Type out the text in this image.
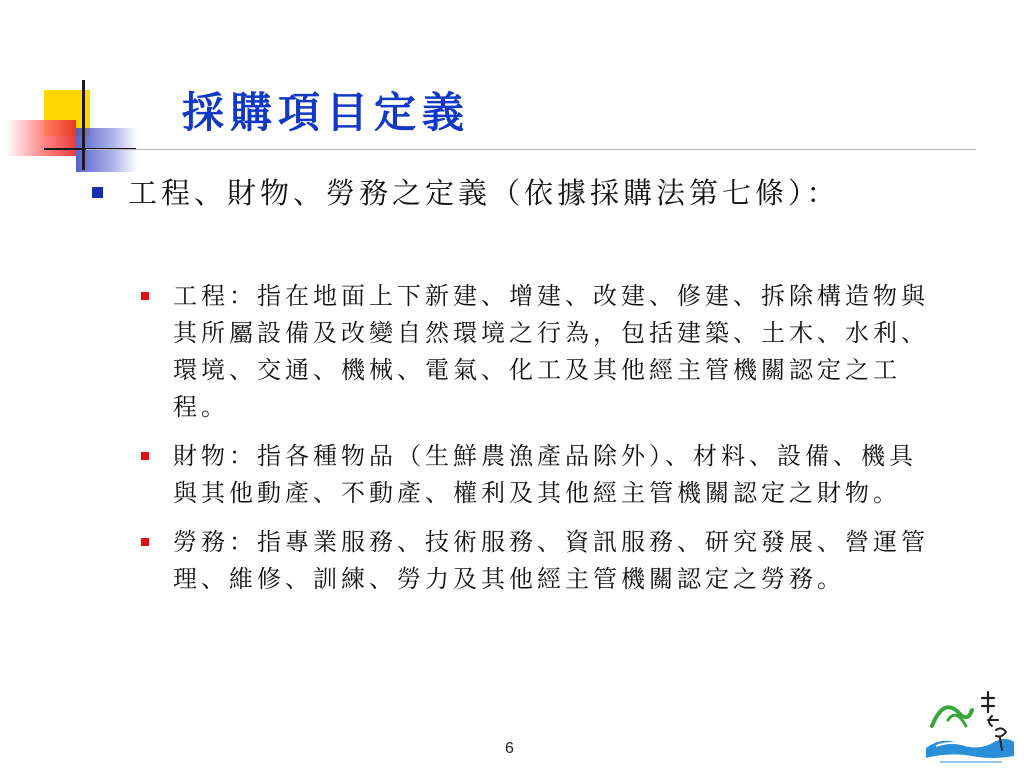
採購項目定義
工程、財物、勞務之定義（依據採購法第七條）：
工程：指在地面上下新建、增建、改建、修建、拆除構造物與其所屬設備及改變自然環境之行為，包括建築、土木、水利、環境、交通、機械、電氣、化工及其他經主管機關認定之工程。
財物：指各種物品（生鮮農漁產品除外）、材料、設備、機具與其他動產、不動產、權利及其他經主管機關認定之財物。
勞務：指專業服務、技術服務、資訊服務、研究發展、營運管理、維修、訓練、勞力及其他經主管機關認定之勞務。
6
